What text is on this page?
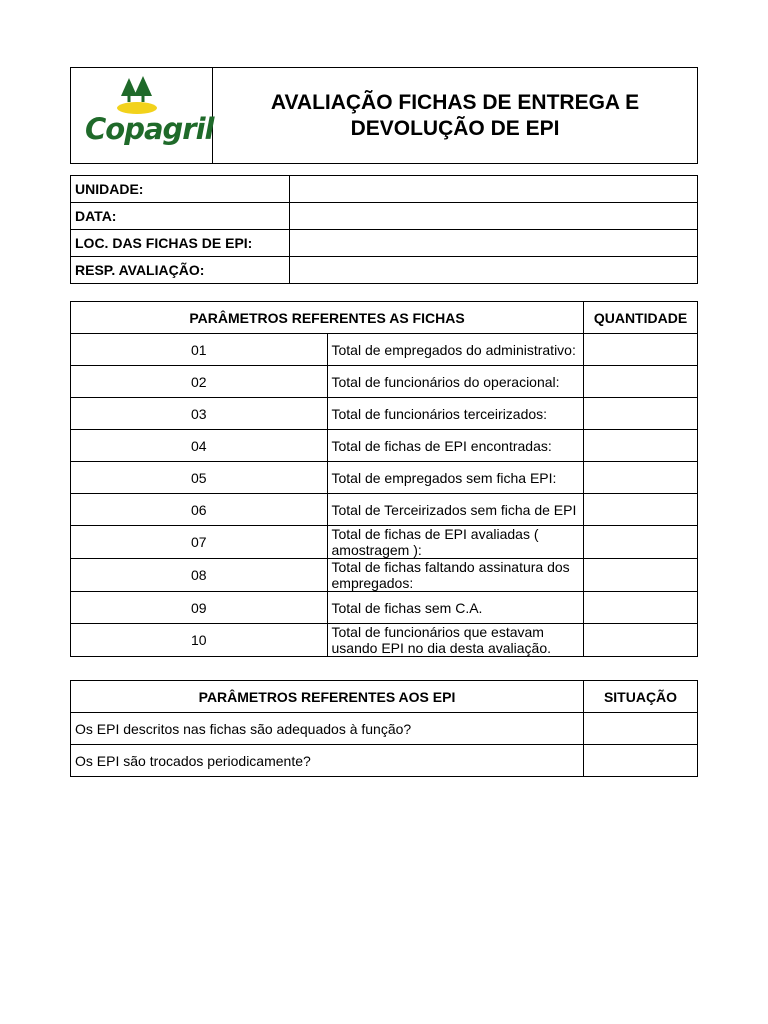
Copagril
AVALIAÇÃO FICHAS DE ENTREGA E
DEVOLUÇÃO DE EPI
UNIDADE:	
DATA:	
LOC. DAS FICHAS DE EPI:	
RESP. AVALIAÇÃO:	
PARÂMETROS REFERENTES AS FICHAS		QUANTIDADE
01	Total de empregados do administrativo:	
02	Total de funcionários do operacional:	
03	Total de funcionários terceirizados:	
04	Total de fichas de EPI encontradas:	
05	Total de empregados sem ficha EPI:	
06	Total de Terceirizados sem ficha de EPI	
07	Total de fichas de EPI avaliadas ( amostragem ):	
08	Total de fichas faltando assinatura dos empregados:	
09	Total de fichas sem C.A.	
10	Total de funcionários que estavam usando EPI no dia desta avaliação.	
PARÂMETROS REFERENTES AOS EPI	SITUAÇÃO
Os EPI descritos nas fichas são adequados à função?	
Os EPI são trocados periodicamente?	
